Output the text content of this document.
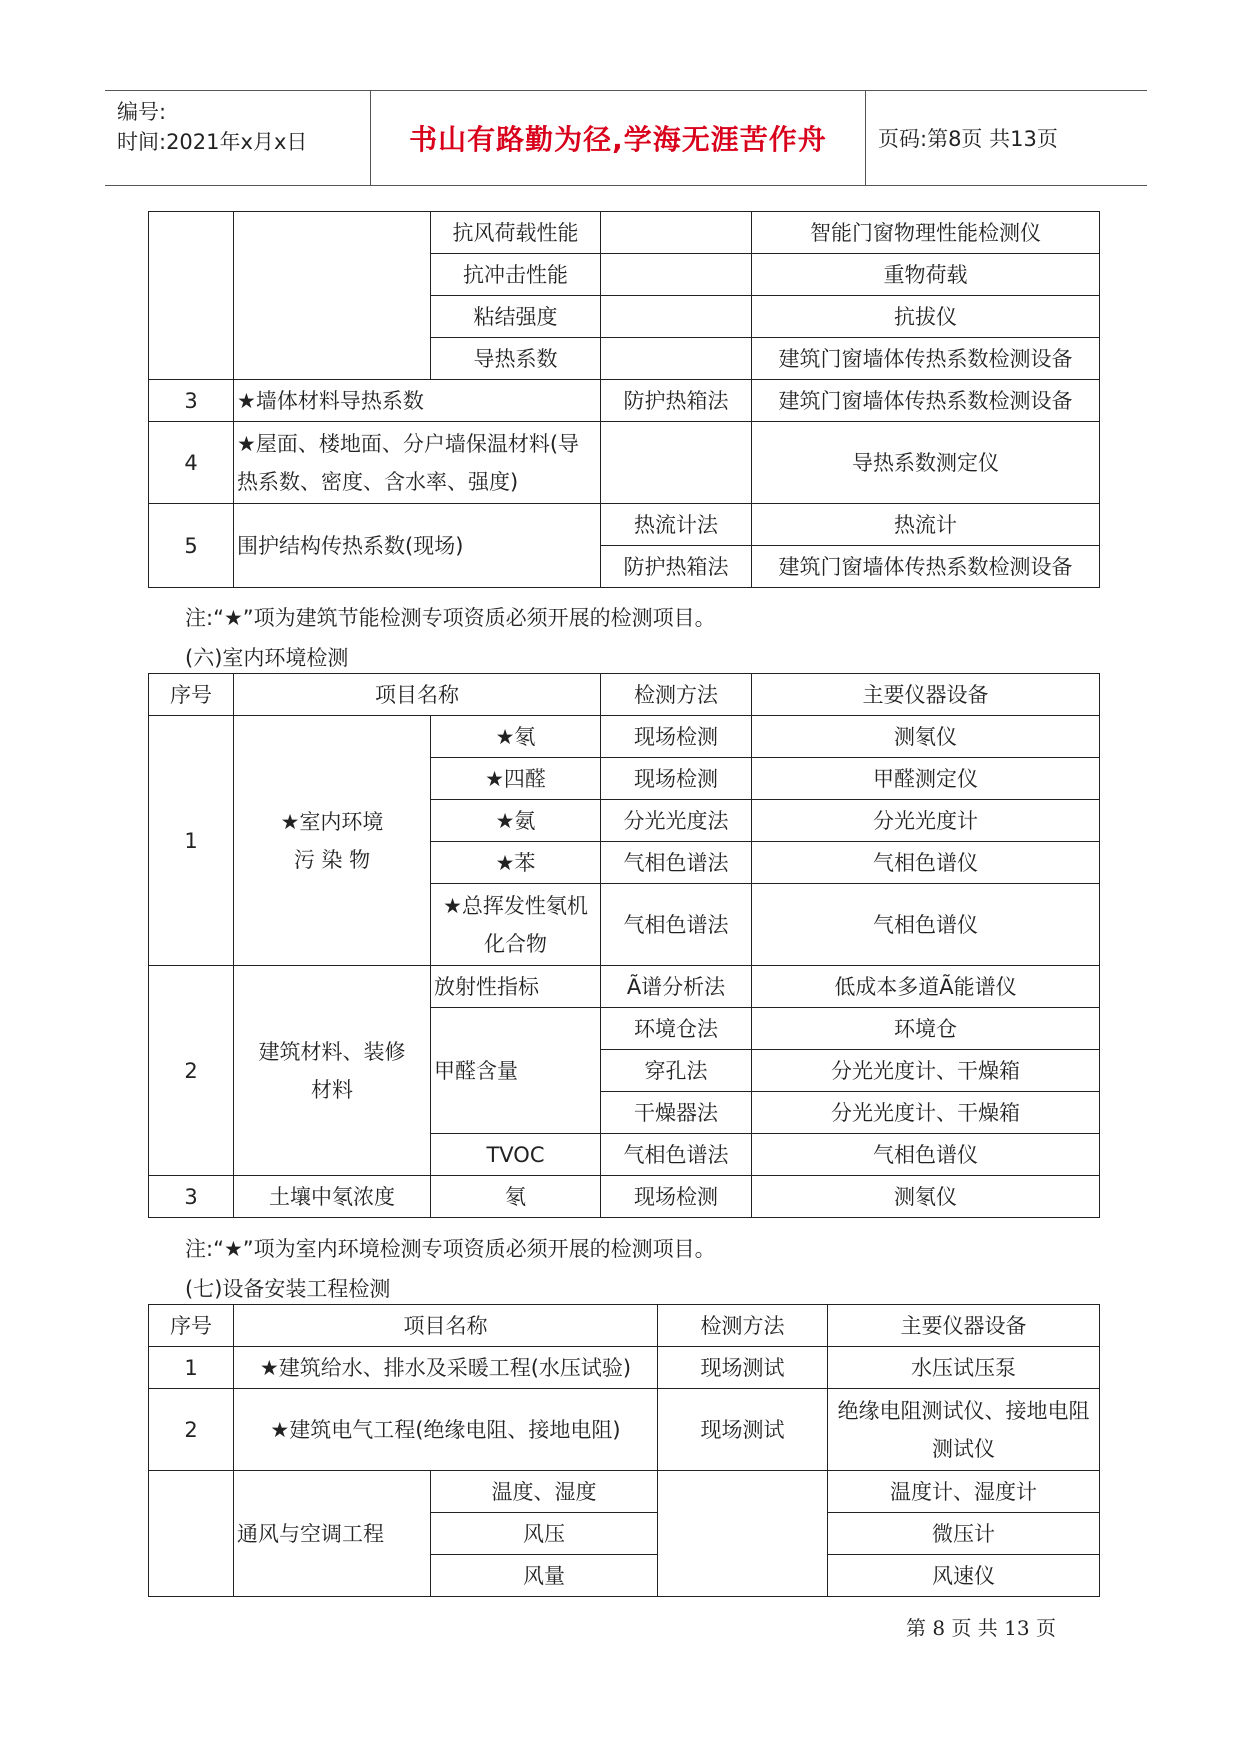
编号:
时间:2021年x月x日	书山有路勤为径,学海无涯苦作舟	页码:第8页 共13页
		抗风荷载性能		智能门窗物理性能检测仪
		抗冲击性能		重物荷载
		粘结强度		抗拔仪
		导热系数		建筑门窗墙体传热系数检测设备
3	★墙体材料导热系数		防护热箱法	建筑门窗墙体传热系数检测设备
4	★屋面、楼地面、分户墙保温材料(导
热系数、密度、含水率、强度)			导热系数测定仪
5	围护结构传热系数(现场)		热流计法	热流计
			防护热箱法	建筑门窗墙体传热系数检测设备
注:“★”项为建筑节能检测专项资质必须开展的检测项目。
(六)室内环境检测
序号	项目名称		检测方法	主要仪器设备
1	★室内环境
污 染 物	★氡	现场检测	测氡仪
		★四醛	现场检测	甲醛测定仪
		★氨	分光光度法	分光光度计
		★苯	气相色谱法	气相色谱仪

		★总挥发性氡机
化合物	气相色谱法	气相色谱仪
2	建筑材料、装修
材料	放射性指标	Ã谱分析法	低成本多道Ã能谱仪
		甲醛含量	环境仓法	环境仓
			穿孔法	分光光度计、干燥箱
			干燥器法	分光光度计、干燥箱
		TVOC	气相色谱法	气相色谱仪
3	土壤中氡浓度	氡	现场检测	测氡仪
注:“★”项为室内环境检测专项资质必须开展的检测项目。
(七)设备安装工程检测
序号	项目名称		检测方法	主要仪器设备
1	★建筑给水、排水及采暖工程(水压试验)		现场测试	水压试压泵
2	★建筑电气工程(绝缘电阻、接地电阻)		现场测试	绝缘电阻测试仪、接地电阻
测试仪

	通风与空调工程	温度、湿度		温度计、湿度计
		风压		微压计
		风量		风速仪
第 8 页 共 13 页
